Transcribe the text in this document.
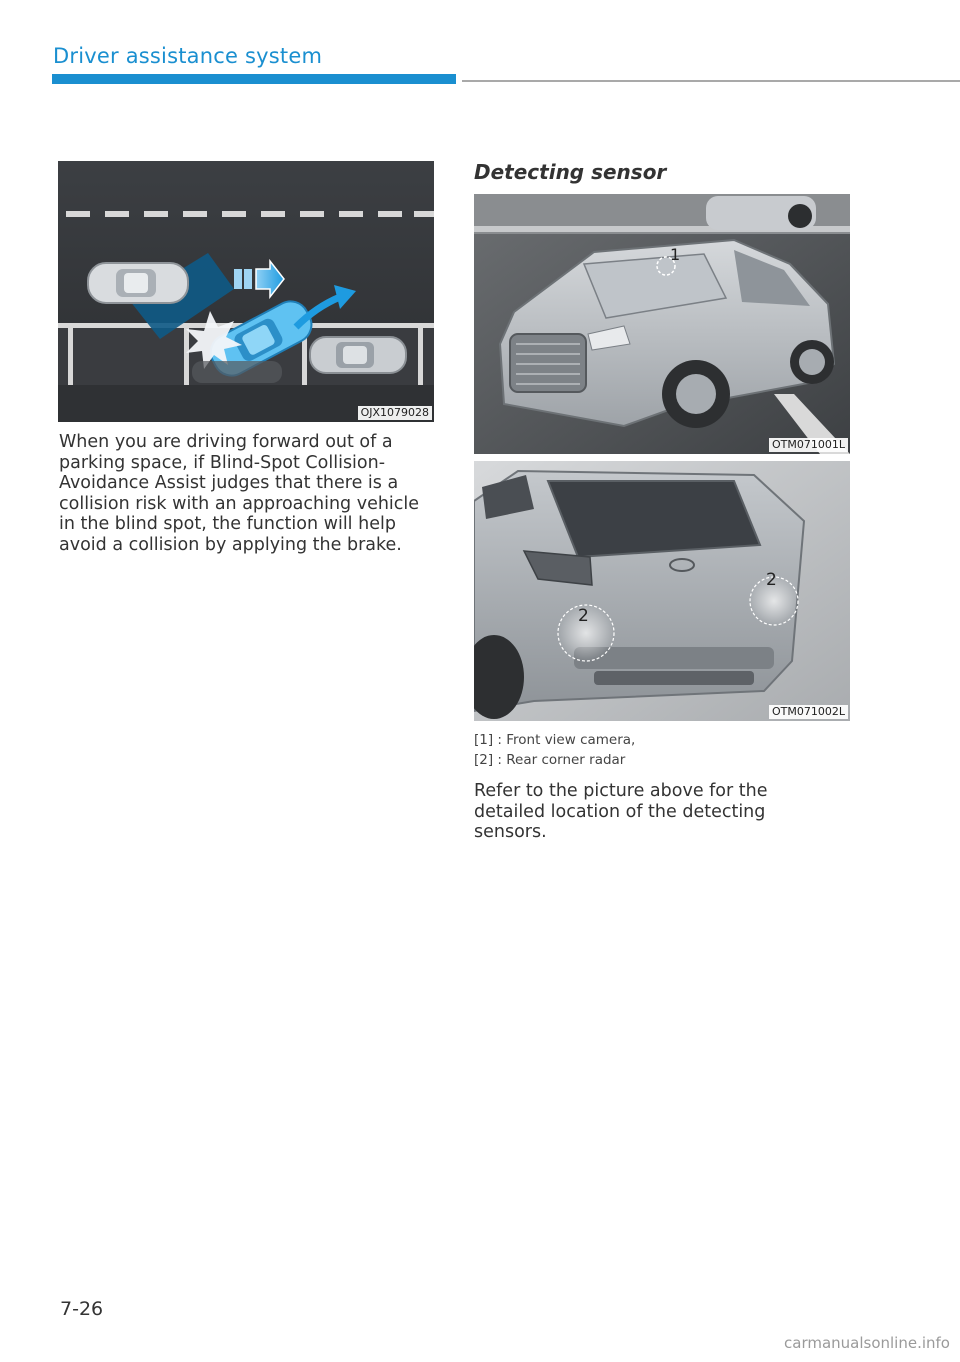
Driver assistance system
OJX1079028

When you are driving forward out of a parking space, if Blind-Spot Collision-Avoidance Assist judges that there is a collision risk with an approaching vehicle in the blind spot, the function will help avoid a collision by applying the brake.

Detecting sensor
1
OTM071001L
2
2
OTM071002L

[1] : Front view camera,

[2] : Rear corner radar

Refer to the picture above for the detailed location of the detecting sensors.

7-26
carmanualsonline.info
